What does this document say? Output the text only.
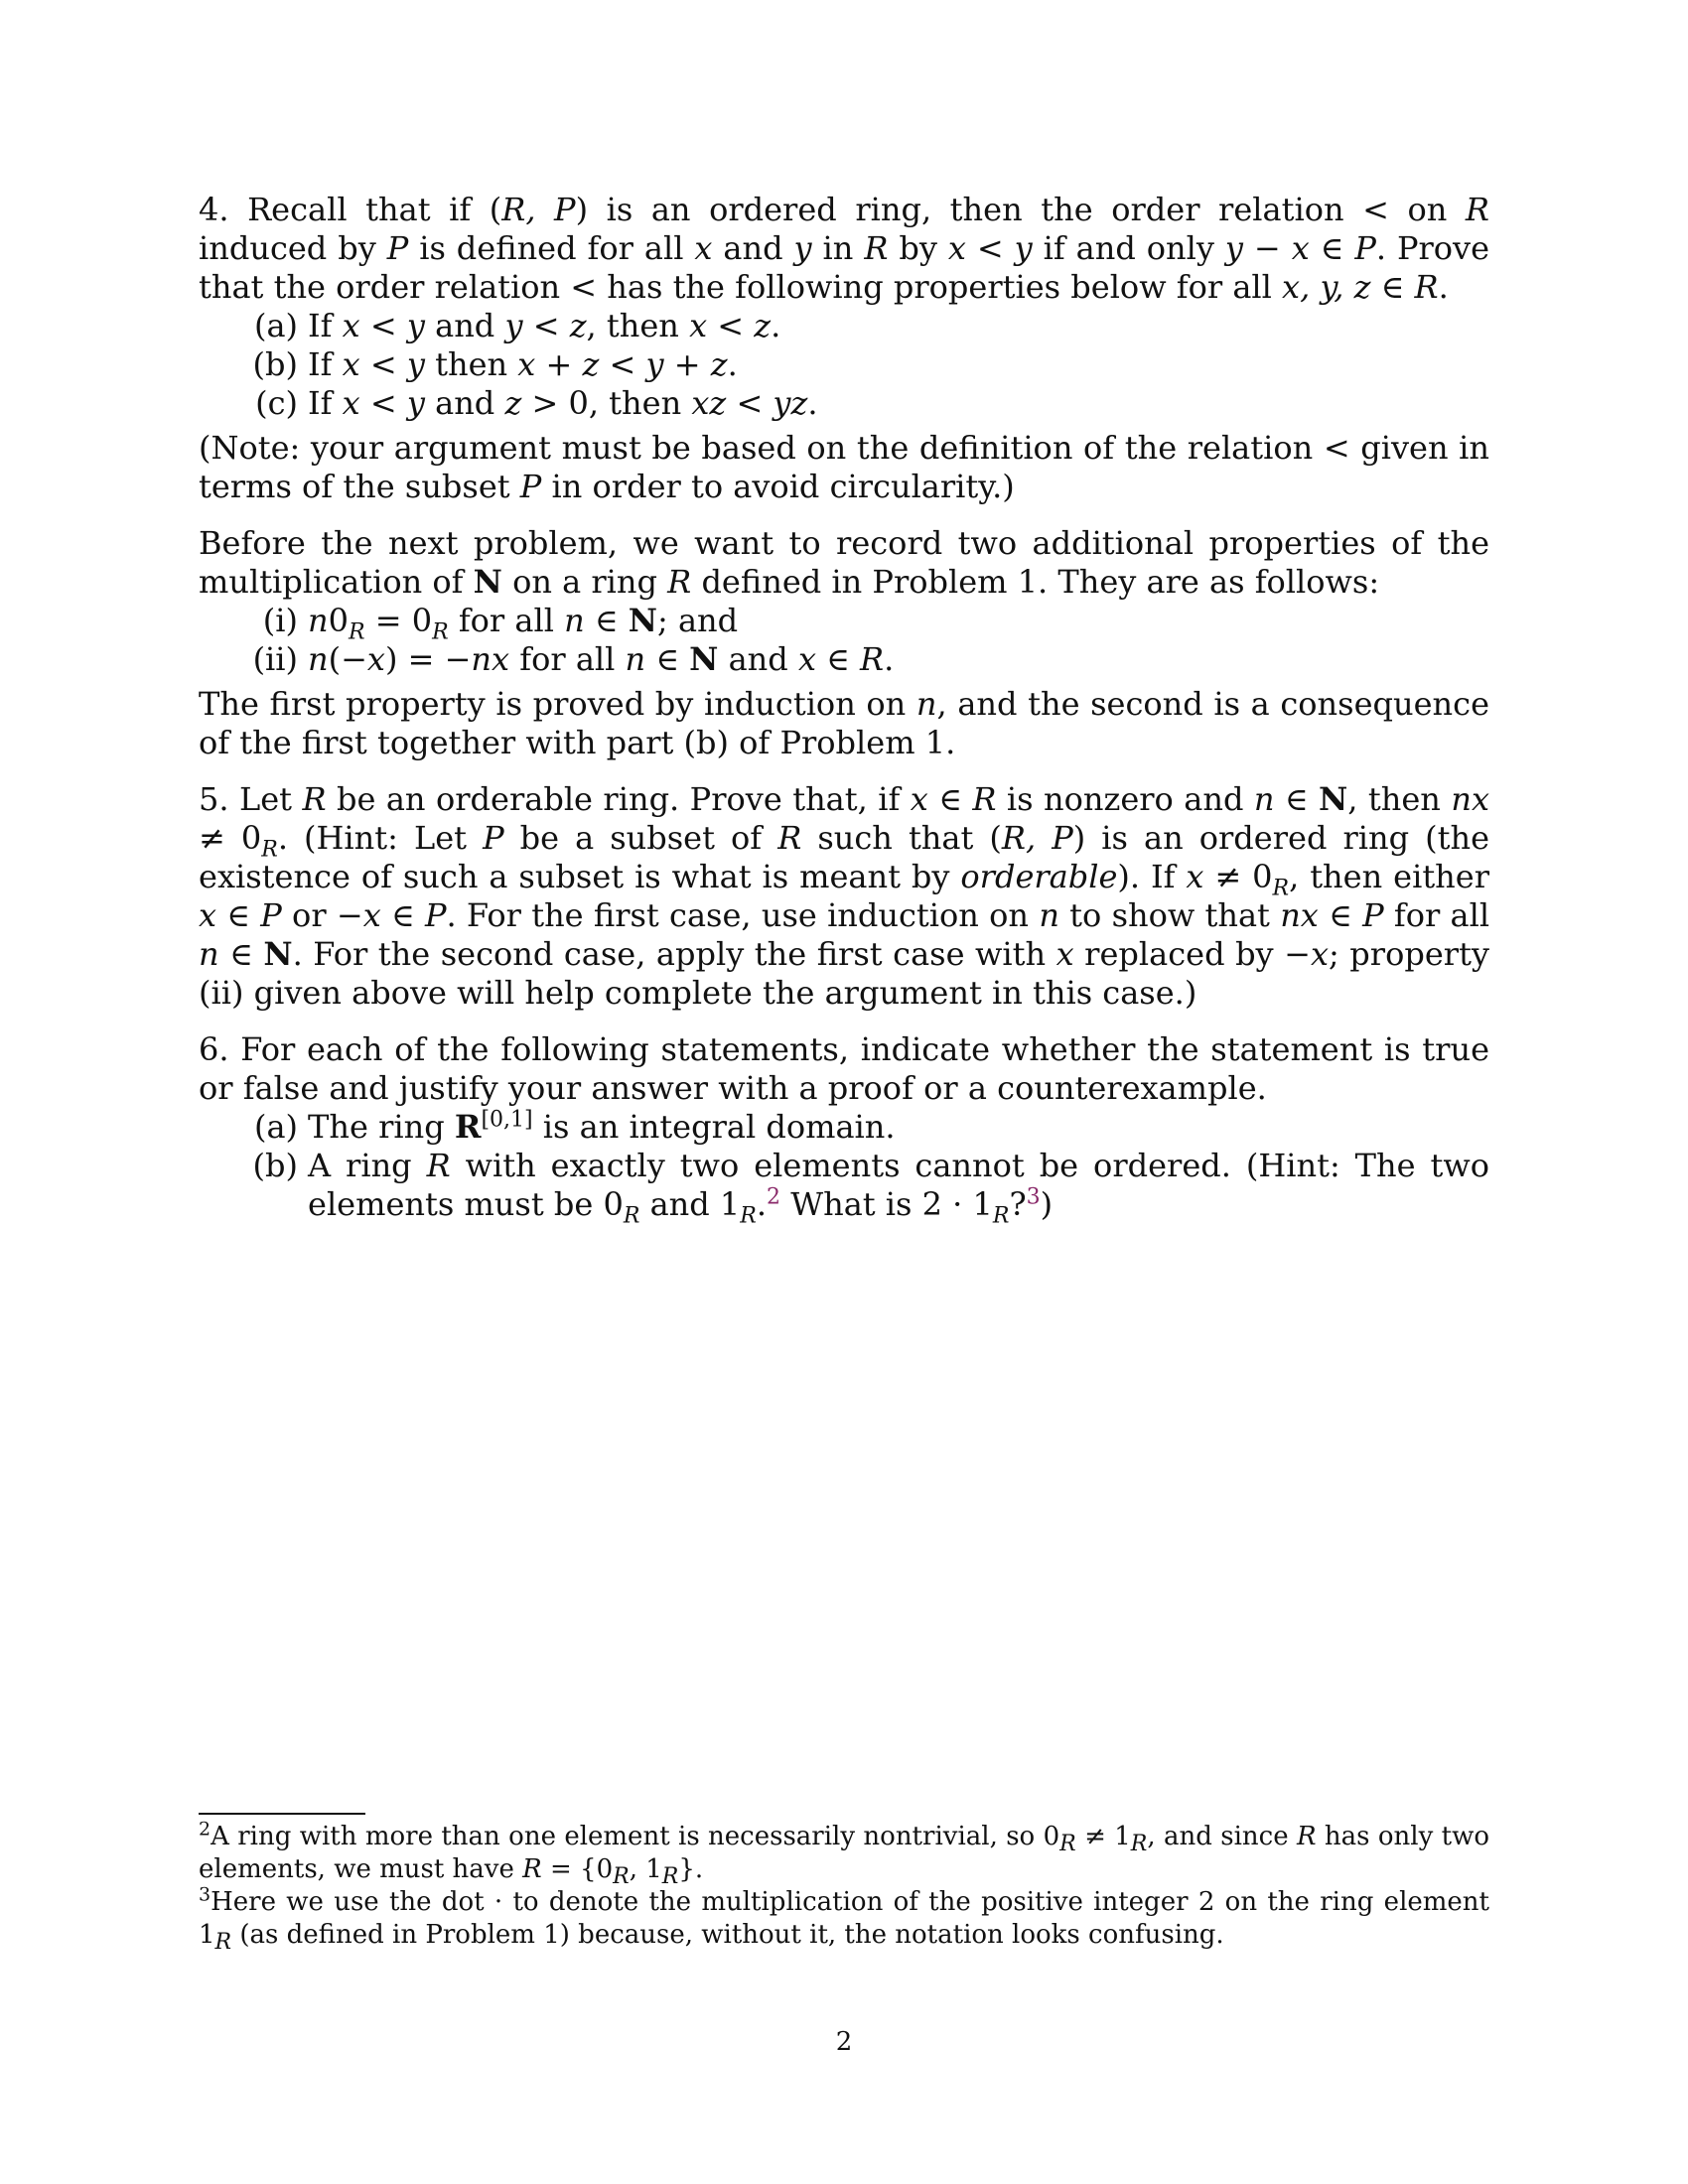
4. Recall that if (R, P) is an ordered ring, then the order relation < on R induced by P is defined for all x and y in R by x < y if and only y − x ∈ P. Prove that the order relation < has the following properties below for all x, y, z ∈ R.

(a) If x < y and y < z, then x < z.
(b) If x < y then x + z < y + z.
(c) If x < y and z > 0, then xz < yz.

(Note: your argument must be based on the definition of the relation < given in terms of the subset P in order to avoid circularity.)

Before the next problem, we want to record two additional properties of the multiplication of N on a ring R defined in Problem 1. They are as follows:

(i) $n0_R = 0_R$ for all n ∈ N; and
(ii) n(−x) = −nx for all n ∈ N and x ∈ R.

The first property is proved by induction on n, and the second is a consequence of the first together with part (b) of Problem 1.

5. Let R be an orderable ring. Prove that, if x ∈ R is nonzero and n ∈ N, then nx ≠ $0_R$. (Hint: Let P be a subset of R such that (R, P) is an ordered ring (the existence of such a subset is what is meant by orderable). If $x \ne 0_R$, then either x ∈ P or −x ∈ P. For the first case, use induction on n to show that nx ∈ P for all n ∈ N. For the second case, apply the first case with x replaced by −x; property (ii) given above will help complete the argument in this case.)

6. For each of the following statements, indicate whether the statement is true or false and justify your answer with a proof or a counterexample.

(a) The ring R[0,1] is an integral domain.
(b) A ring R with exactly two elements cannot be ordered. (Hint: The two elements must be $0_R$ and $1_R.^2$ What is $2 \cdot 1_R?^3$)

$^2$A ring with more than one element is necessarily nontrivial, so $0_R \ne 1_R$, and since R has only two elements, we must have $R = \{0_R$, $1_R$}.

$^3$Here we use the dot · to denote the multiplication of the positive integer 2 on the ring element $1_R$ (as defined in Problem 1) because, without it, the notation looks confusing.

2
